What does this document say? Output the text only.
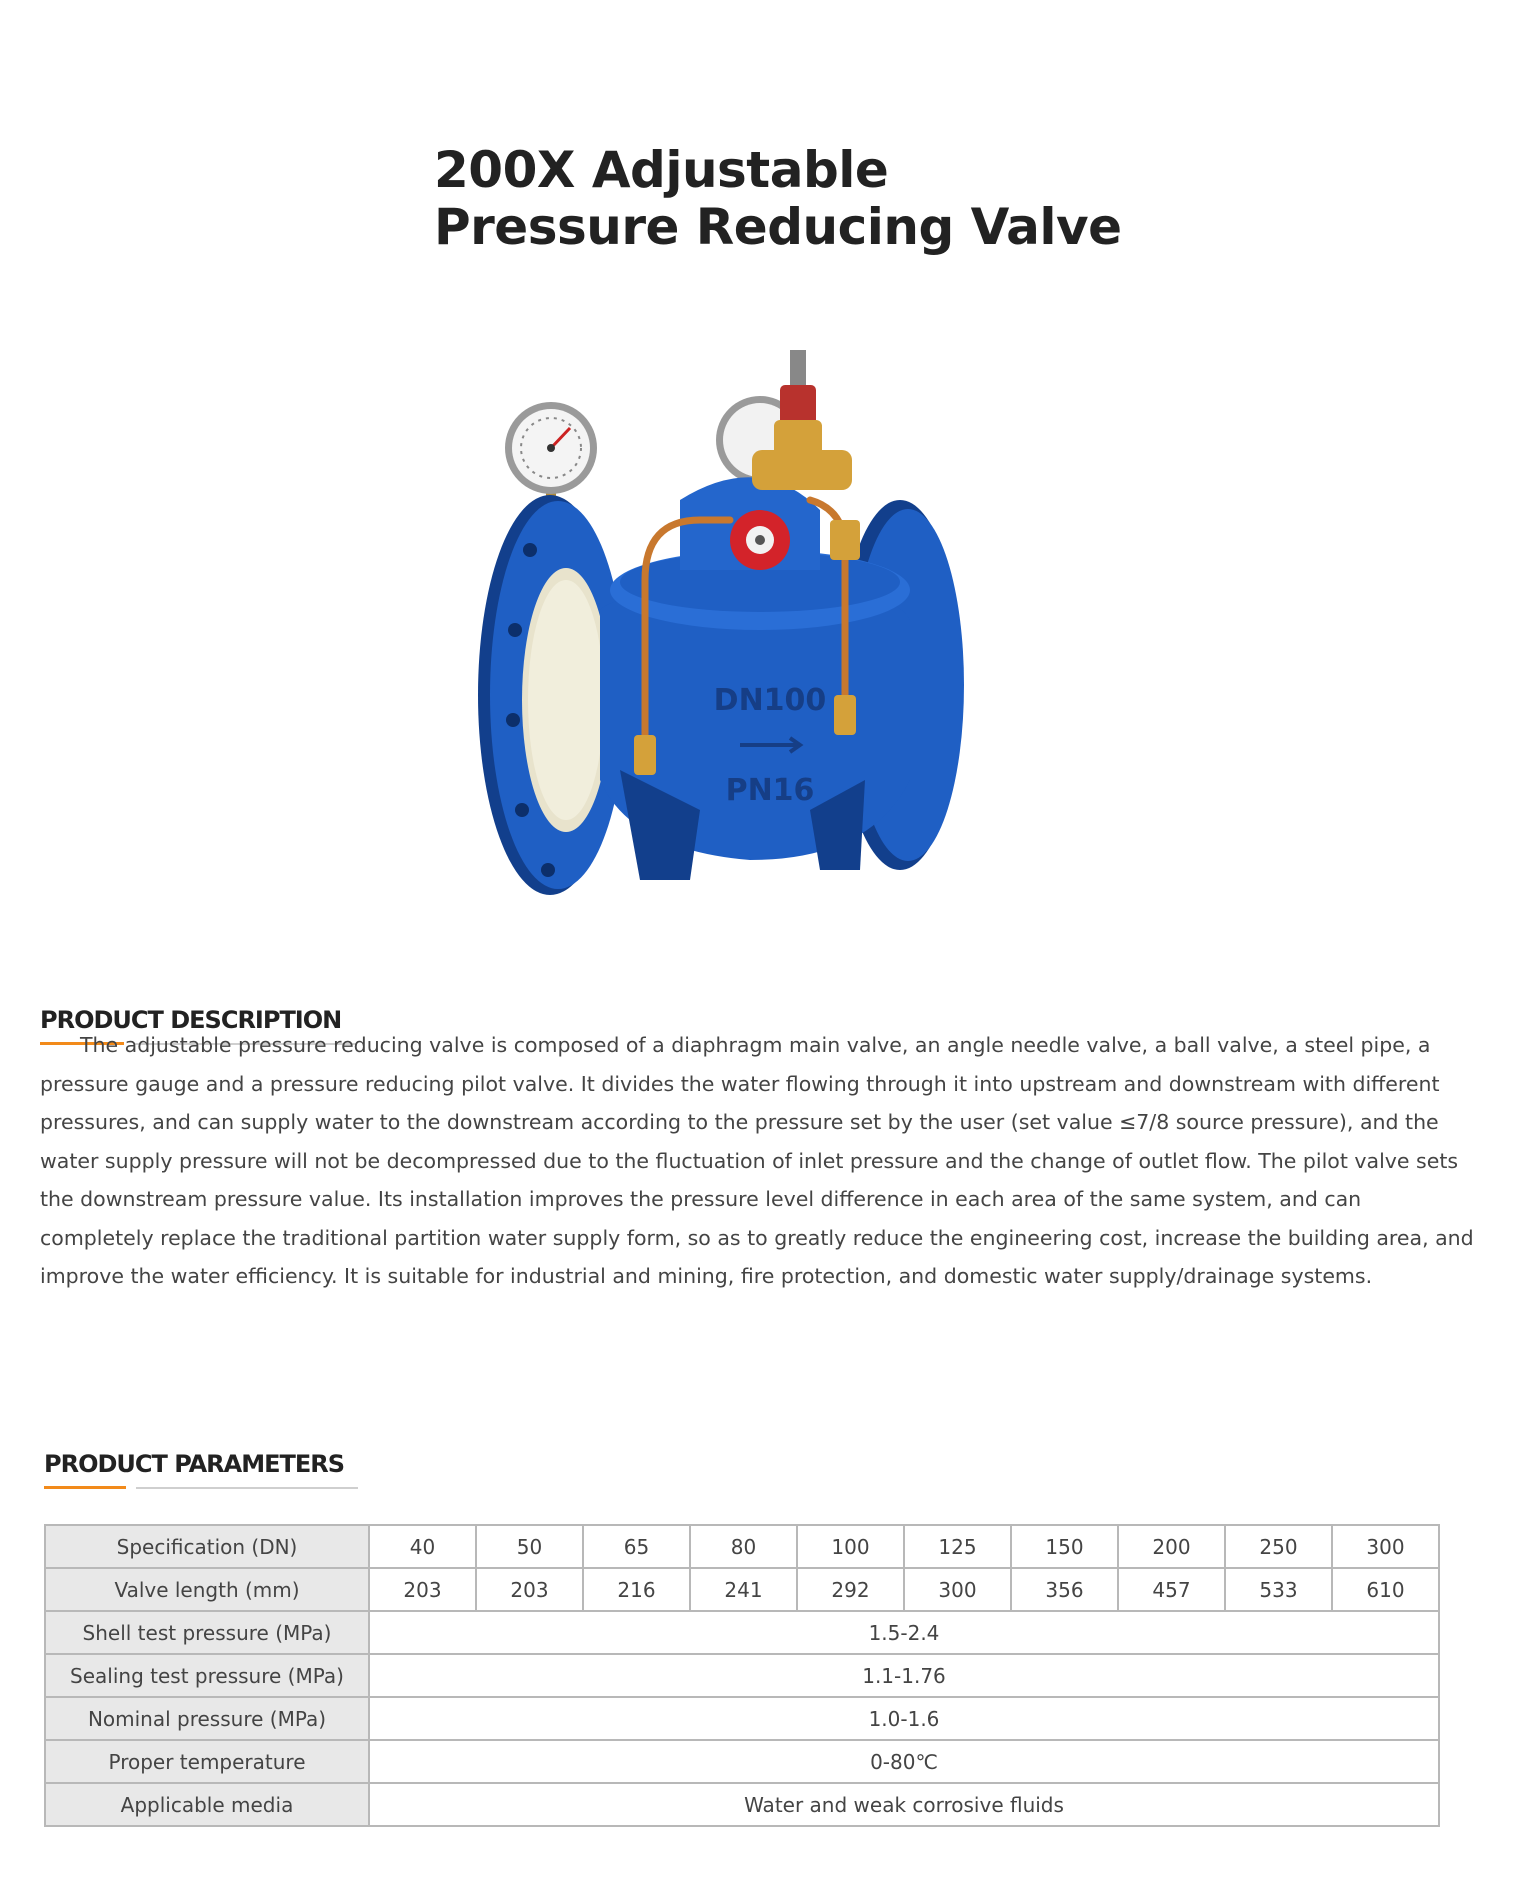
200X Adjustable
Pressure Reducing Valve
DN100
PN16
PRODUCT DESCRIPTION

The adjustable pressure reducing valve is composed of a diaphragm main valve, an angle needle valve, a ball valve, a steel pipe, a pressure gauge and a pressure reducing pilot valve. It divides the water flowing through it into upstream and downstream with different pressures, and can supply water to the downstream according to the pressure set by the user (set value ≤7/8 source pressure), and the water supply pressure will not be decompressed due to the fluctuation of inlet pressure and the change of outlet flow. The pilot valve sets the downstream pressure value. Its installation improves the pressure level difference in each area of the same system, and can completely replace the traditional partition water supply form, so as to greatly reduce the engineering cost, increase the building area, and improve the water efficiency. It is suitable for industrial and mining, fire protection, and domestic water supply/drainage systems.

PRODUCT PARAMETERS
Specification (DN)	40	50	65	80	100	125	150	200	250	300
Valve length (mm)	203	203	216	241	292	300	356	457	533	610
Shell test pressure (MPa)	1.5-2.4									
Sealing test pressure (MPa)	1.1-1.76									
Nominal pressure (MPa)	1.0-1.6									
Proper temperature	0-80℃									
Applicable media	Water and weak corrosive fluids									
